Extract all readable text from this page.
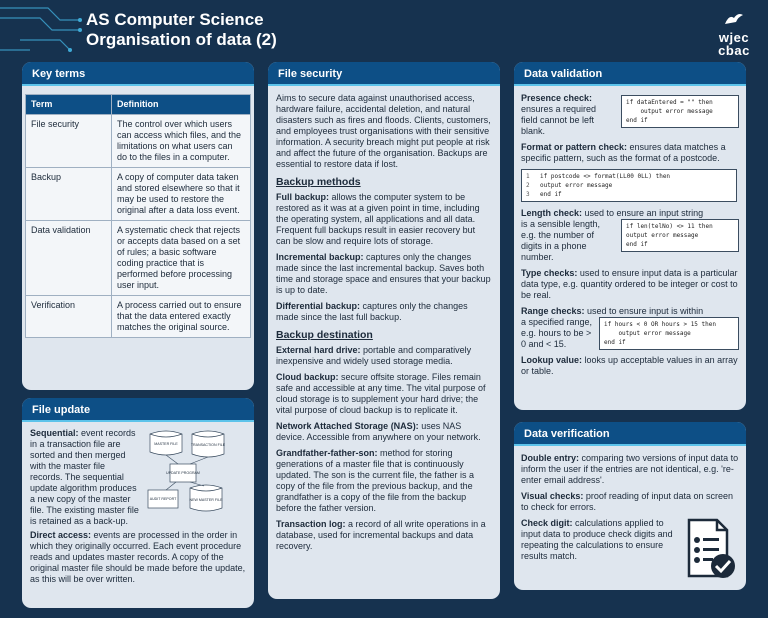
AS Computer Science
Organisation of data (2)	wjec
cbac
Key terms
Term	Definition
File security	The control over which users can access which files, and the limitations on what users can do to the files in a computer.
Backup	A copy of computer data taken and stored elsewhere so that it may be used to restore the original after a data loss event.
Data validation	A systematic check that rejects or accepts data based on a set of rules; a basic software coding practice that is performed before processing user input.
Verification	A process carried out to ensure that the data entered exactly matches the original source.
File update

Sequential: event records in a transaction file are sorted and then merged with the master file records. The sequential update algorithm produces a new copy of the master file. The existing master file is retained as a back-up.

MASTER FILE	TRANSACTION FILE
UPDATE PROGRAM
AUDIT REPORT	NEW MASTER FILE

Direct access: events are processed in the order in which they originally occurred. Each event procedure reads and updates master records. A copy of the original master file should be made before the update, as this will be over written.

File security

Aims to secure data against unauthorised access, hardware failure, accidental deletion, and natural disasters such as fires and floods. Clients, customers, and employees trust organisations with their sensitive information. A security breach might put people at risk and affect the future of the organisation. Backups are essential to restore data if lost.

Backup methods

Full backup: allows the computer system to be restored as it was at a given point in time, including the operating system, all applications and all data. Frequent full backups result in easier recovery but can be slow and require lots of storage.

Incremental backup: captures only the changes made since the last incremental backup. Saves both time and storage space and ensures that your backup is up to date.

Differential backup: captures only the changes made since the last full backup.

Backup destination

External hard drive: portable and comparatively inexpensive and widely used storage media.

Cloud backup: secure offsite storage. Files remain safe and accessible at any time. The vital purpose of cloud storage is to supplement your hard drive; the vital purpose of cloud backup is to replicate it.

Network Attached Storage (NAS): uses NAS device. Accessible from anywhere on your network.

Grandfather-father-son: method for storing generations of a master file that is continuously updated. The son is the current file, the father is a copy of the file from the previous backup, and the grandfather is a copy of the file from the backup before the father version.

Transaction log: a record of all write operations in a database, used for incremental backups and data recovery.

Data validation

Presence check: ensures a required field cannot be left blank.

if dataEntered = "" then
output error message
end if

Format or pattern check: ensures data matches a specific pattern, such as the format of a postcode.

1 if postcode <> format(LL00 0LL) then
2 output error message
3 end if

Length check: used to ensure an input string

is a sensible length, e.g. the number of digits in a phone number.

if len(telNo) <> 11 then
output error message
end if

Type checks: used to ensure input data is a particular data type, e.g. quantity ordered to be integer or cost to be real.

Range checks: used to ensure input is within

a specified range, e.g. hours to be > 0 and < 15.

if hours < 0 OR hours > 15 then
output error message
end if

Lookup value: looks up acceptable values in an array or table.

Data verification

Double entry: comparing two versions of input data to inform the user if the entries are not identical, e.g. 're-enter email address'.

Visual checks: proof reading of input data on screen to check for errors.

Check digit: calculations applied to input data to produce check digits and repeating the calculations to ensure results match.
